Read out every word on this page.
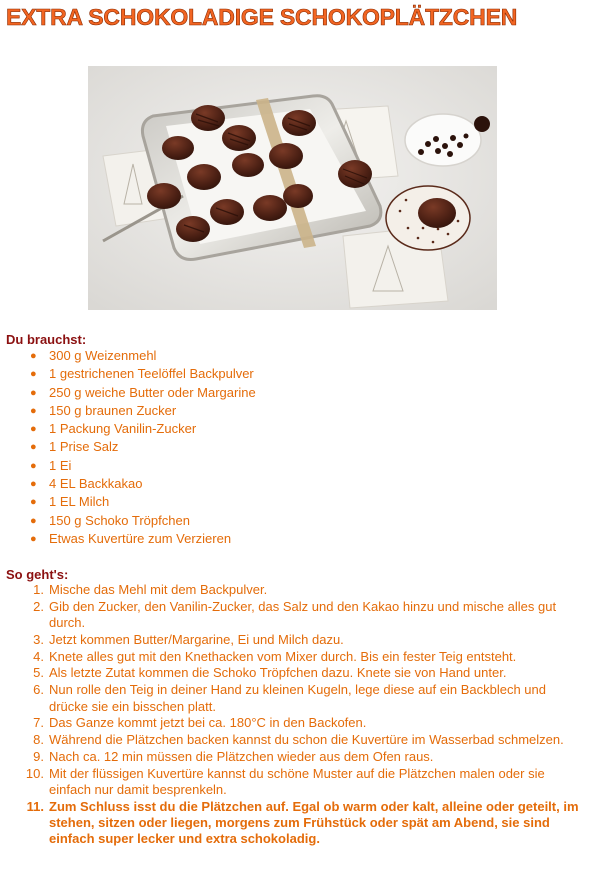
EXTRA SCHOKOLADIGE SCHOKOPLÄTZCHEN
Du brauchst:
● 300 g Weizenmehl
● 1 gestrichenen Teelöffel Backpulver
● 250 g weiche Butter oder Margarine
● 150 g braunen Zucker
● 1 Packung Vanilin-Zucker
● 1 Prise Salz
● 1 Ei
● 4 EL Backkakao
● 1 EL Milch
● 150 g Schoko Tröpfchen
● Etwas Kuvertüre zum Verzieren
So geht's:
1. Mische das Mehl mit dem Backpulver.
2. Gib den Zucker, den Vanilin-Zucker, das Salz und den Kakao hinzu und mische alles gut durch.
3. Jetzt kommen Butter/Margarine, Ei und Milch dazu.
4. Knete alles gut mit den Knethacken vom Mixer durch. Bis ein fester Teig entsteht.
5. Als letzte Zutat kommen die Schoko Tröpfchen dazu. Knete sie von Hand unter.
6. Nun rolle den Teig in deiner Hand zu kleinen Kugeln, lege diese auf ein Backblech und drücke sie ein bisschen platt.
7. Das Ganze kommt jetzt bei ca. 180°C in den Backofen.
8. Während die Plätzchen backen kannst du schon die Kuvertüre im Wasserbad schmelzen.
9. Nach ca. 12 min müssen die Plätzchen wieder aus dem Ofen raus.
10. Mit der flüssigen Kuvertüre kannst du schöne Muster auf die Plätzchen malen oder sie einfach nur damit besprenkeln.
11. Zum Schluss isst du die Plätzchen auf. Egal ob warm oder kalt, alleine oder geteilt, im stehen, sitzen oder liegen, morgens zum Frühstück oder spät am Abend, sie sind einfach super lecker und extra schokoladig.
